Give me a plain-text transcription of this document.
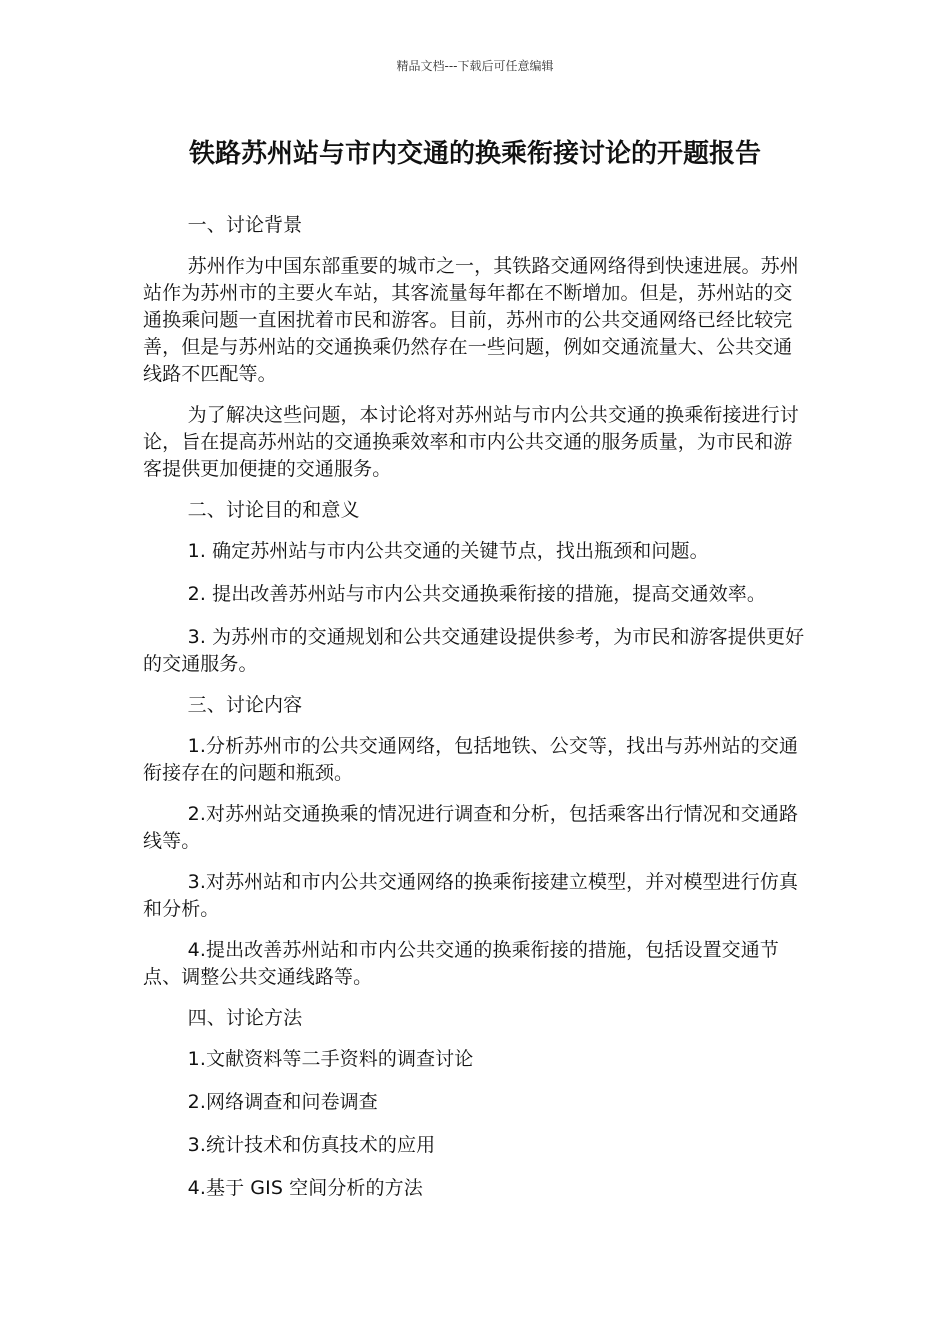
精品文档---下载后可任意编辑
铁路苏州站与市内交通的换乘衔接讨论的开题报告

一、讨论背景

苏州作为中国东部重要的城市之一，其铁路交通网络得到快速进展。苏州站作为苏州市的主要火车站，其客流量每年都在不断增加。但是，苏州站的交通换乘问题一直困扰着市民和游客。目前，苏州市的公共交通网络已经比较完善，但是与苏州站的交通换乘仍然存在一些问题，例如交通流量大、公共交通线路不匹配等。

为了解决这些问题，本讨论将对苏州站与市内公共交通的换乘衔接进行讨论，旨在提高苏州站的交通换乘效率和市内公共交通的服务质量，为市民和游客提供更加便捷的交通服务。

二、讨论目的和意义

1. 确定苏州站与市内公共交通的关键节点，找出瓶颈和问题。

2. 提出改善苏州站与市内公共交通换乘衔接的措施，提高交通效率。

3. 为苏州市的交通规划和公共交通建设提供参考，为市民和游客提供更好的交通服务。

三、讨论内容

1.分析苏州市的公共交通网络，包括地铁、公交等，找出与苏州站的交通衔接存在的问题和瓶颈。

2.对苏州站交通换乘的情况进行调查和分析，包括乘客出行情况和交通路线等。

3.对苏州站和市内公共交通网络的换乘衔接建立模型，并对模型进行仿真和分析。

4.提出改善苏州站和市内公共交通的换乘衔接的措施，包括设置交通节点、调整公共交通线路等。

四、讨论方法

1.文献资料等二手资料的调查讨论

2.网络调查和问卷调查

3.统计技术和仿真技术的应用

4.基于 GIS 空间分析的方法
